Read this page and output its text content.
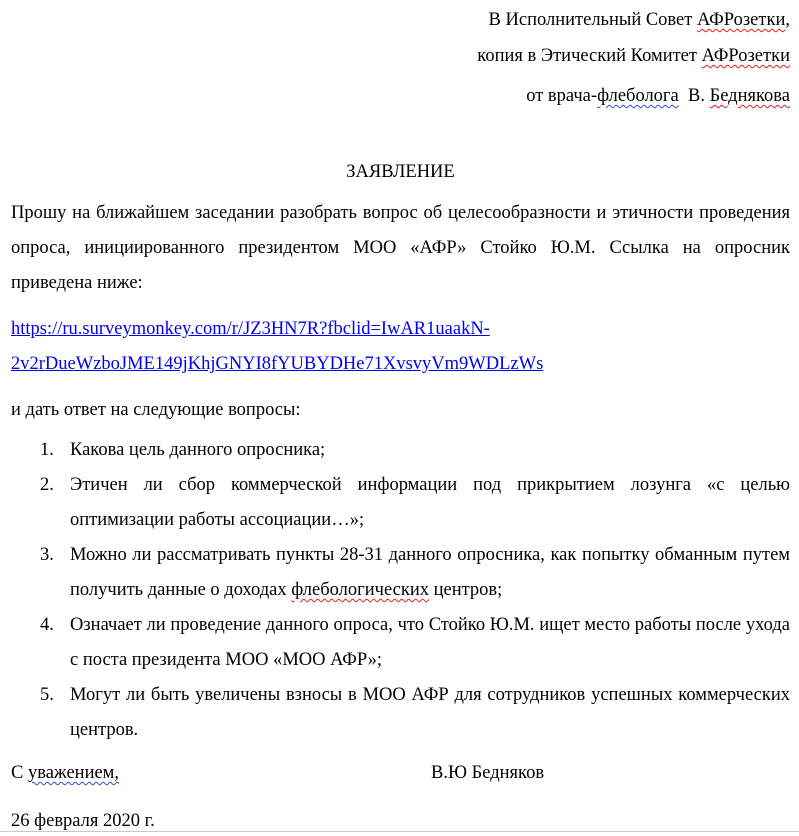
В Исполнительный Совет АФРозетки,
копия в Этический Комитет АФРозетки
от врача-флеболога  В. Беднякова
ЗАЯВЛЕНИЕ

Прошу на ближайшем заседании разобрать вопрос об целесообразности и этичности проведения опроса, инициированного президентом МОО «АФР» Стойко Ю.М. Ссылка на опросник приведена ниже:

https://ru.surveymonkey.com/r/JZ3HN7R?fbclid=IwAR1uaakN-
2v2rDueWzboJME149jKhjGNYI8fYUBYDHe71XvsvyVm9WDLzWs
и дать ответ на следующие вопросы:
1. Какова цель данного опросника;
2. Этичен ли сбор коммерческой информации под прикрытием лозунга «с целью оптимизации работы ассоциации…»;
3. Можно ли рассматривать пункты 28-31 данного опросника, как попытку обманным путем получить данные о доходах флебологических центров;
4. Означает ли проведение данного опроса, что Стойко Ю.М. ищет место работы после ухода с поста президента МОО «МОО АФР»;
5. Могут ли быть увеличены взносы в МОО АФР для сотрудников успешных коммерческих центров.
С уважением,	В.Ю Бедняков
26 февраля 2020 г.
